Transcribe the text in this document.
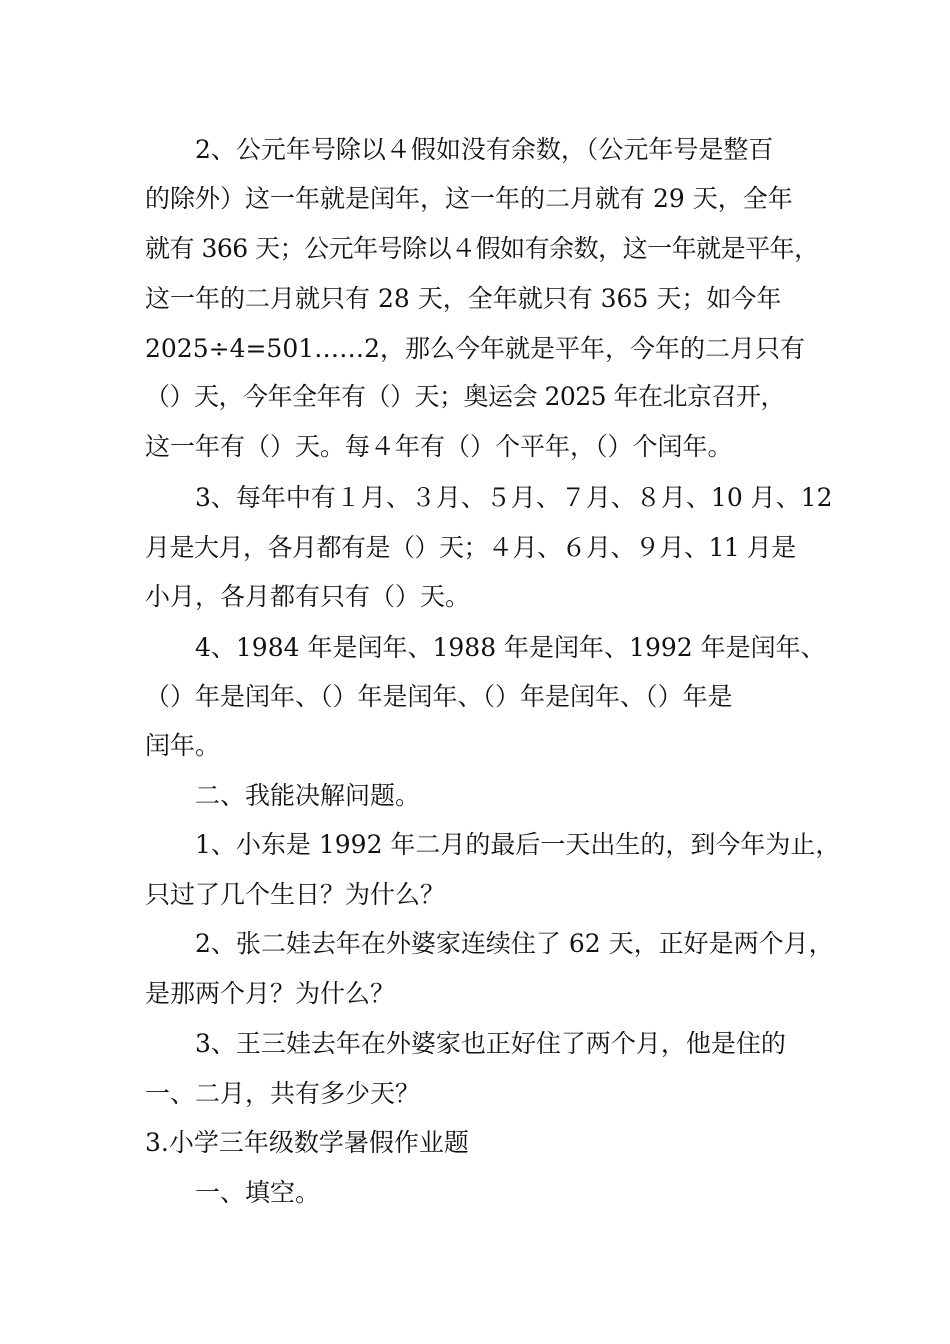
2、公元年号除以４假如没有余数，（公元年号是整百
的除外）这一年就是闰年，这一年的二月就有 29 天，全年
就有 366 天；公元年号除以４假如有余数，这一年就是平年，
这一年的二月就只有 28 天，全年就只有 365 天；如今年
2025÷4=501……2，那么今年就是平年，今年的二月只有
（）天，今年全年有（）天；奥运会 2025 年在北京召开，
这一年有（）天。每４年有（）个平年，（）个闰年。
3、每年中有１月、３月、５月、７月、８月、10 月、12
月是大月，各月都有是（）天；４月、６月、９月、11 月是
小月，各月都有只有（）天。
4、1984 年是闰年、1988 年是闰年、1992 年是闰年、
（）年是闰年、（）年是闰年、（）年是闰年、（）年是
闰年。
二、我能决解问题。
1、小东是 1992 年二月的最后一天出生的，到今年为止，
只过了几个生日？为什么？
2、张二娃去年在外婆家连续住了 62 天，正好是两个月，
是那两个月？为什么？
3、王三娃去年在外婆家也正好住了两个月，他是住的
一、二月，共有多少天？
3.小学三年级数学暑假作业题
一、填空。
